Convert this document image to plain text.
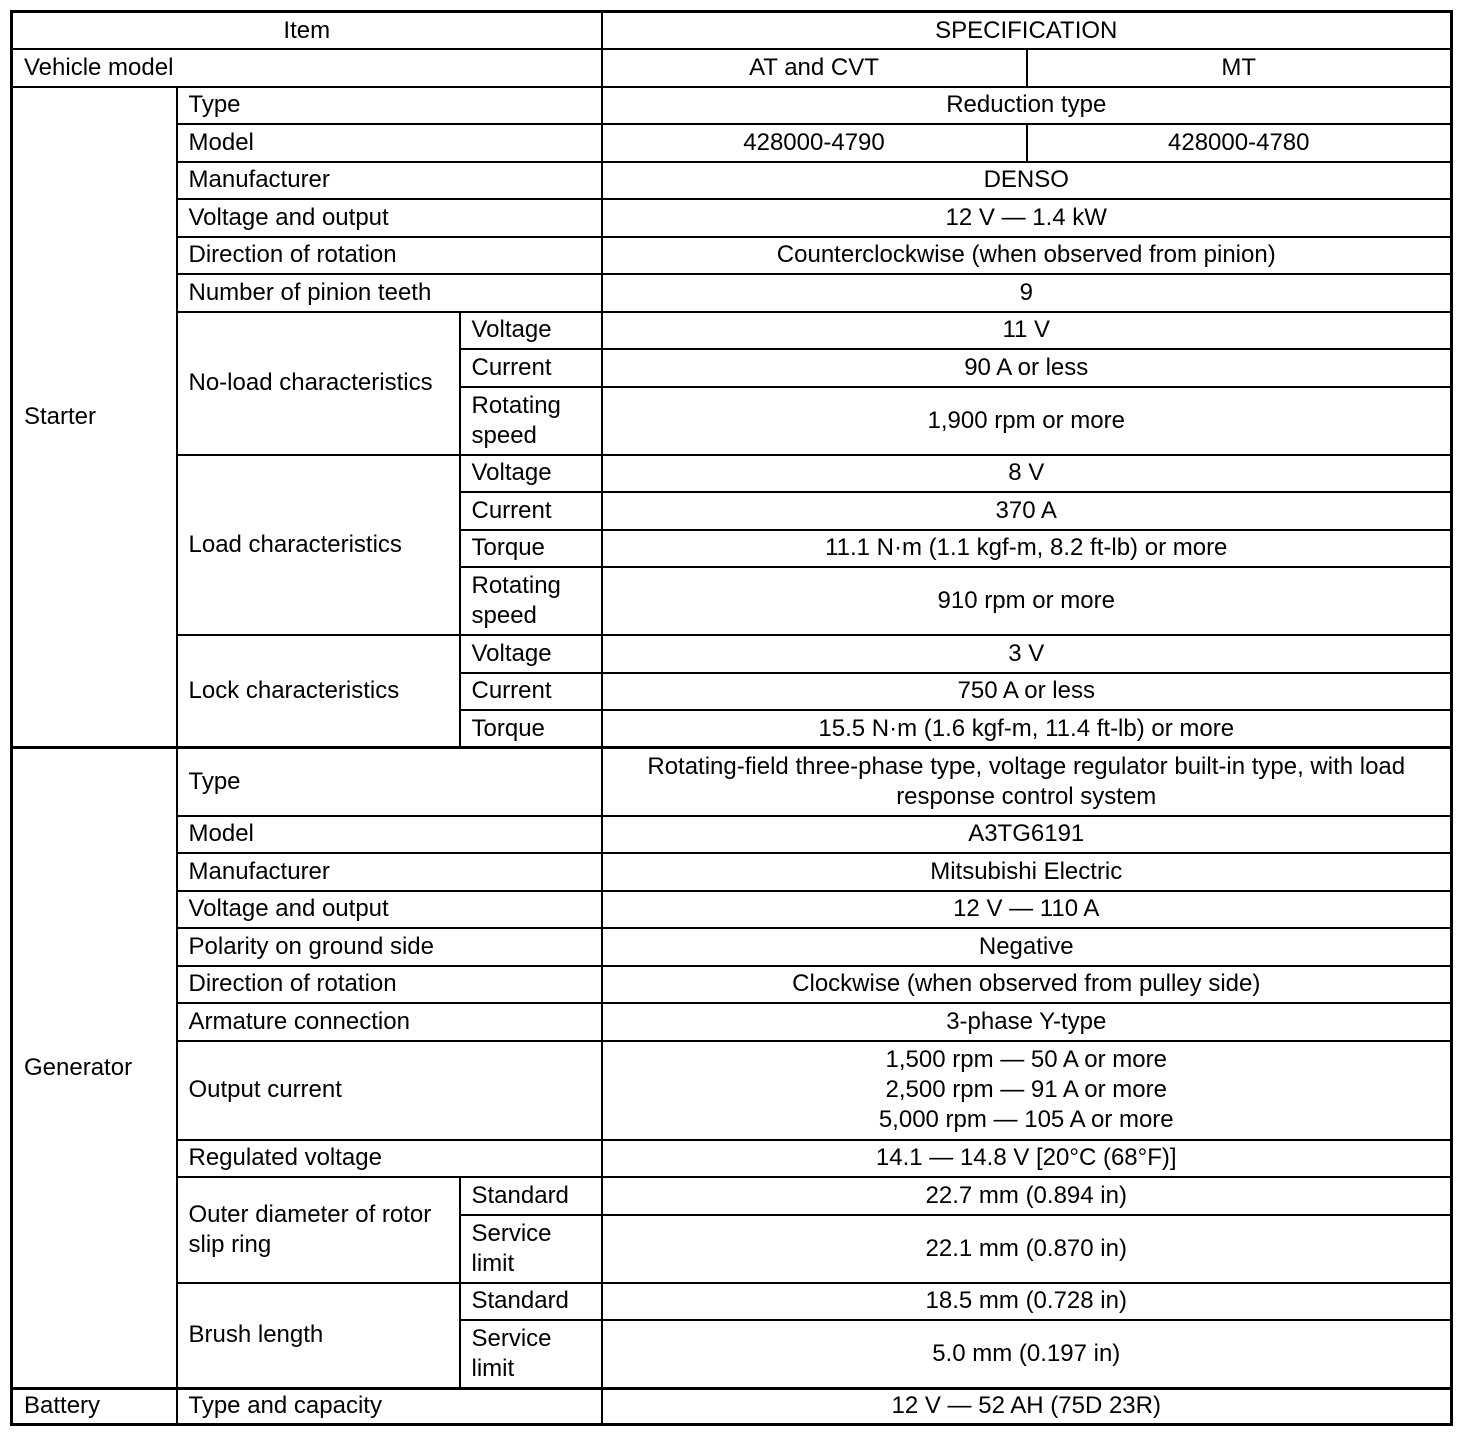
Item			SPECIFICATION	
Vehicle model			AT and CVT	MT
Starter	Type		Reduction type	
	Model		428000-4790	428000-4780
	Manufacturer		DENSO	
	Voltage and output		12 V — 1.4 kW	
	Direction of rotation		Counterclockwise (when observed from pinion)	
	Number of pinion teeth		9	
	No-load characteristics	Voltage	11 V	
		Current	90 A or less	
		Rotating speed	1,900 rpm or more	
	Load characteristics	Voltage	8 V	
		Current	370 A	
		Torque	11.1 N·m (1.1 kgf-m, 8.2 ft-lb) or more	
		Rotating speed	910 rpm or more	
	Lock characteristics	Voltage	3 V	
		Current	750 A or less	
		Torque	15.5 N·m (1.6 kgf-m, 11.4 ft-lb) or more	
Generator	Type		Rotating-field three-phase type, voltage regulator built-in type, with load response control system	
	Model		A3TG6191	
	Manufacturer		Mitsubishi Electric	
	Voltage and output		12 V — 110 A	
	Polarity on ground side		Negative	
	Direction of rotation		Clockwise (when observed from pulley side)	
	Armature connection		3-phase Y-type	
	Output current		1,500 rpm — 50 A or more
2,500 rpm — 91 A or more
5,000 rpm — 105 A or more	

	Regulated voltage		14.1 — 14.8 V [20°C (68°F)]	
	Outer diameter of rotor slip ring	Standard	22.7 mm (0.894 in)	
		Service limit	22.1 mm (0.870 in)	
	Brush length	Standard	18.5 mm (0.728 in)	
		Service limit	5.0 mm (0.197 in)	
Battery	Type and capacity		12 V — 52 AH (75D 23R)	
